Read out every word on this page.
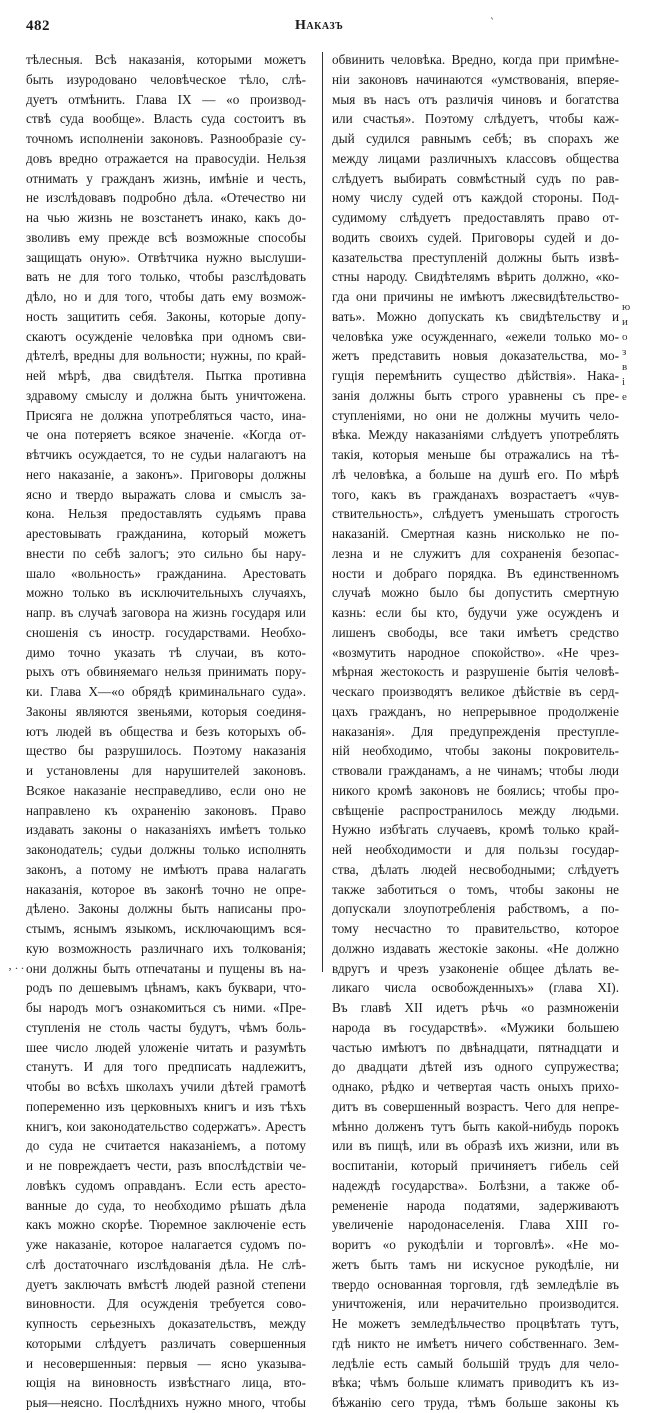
482	Наказъ	ˋ
тѣлесныя. Всѣ наказанія, которыми можетъ
быть изуродовано человѣческое тѣло, слѣ-
дуетъ отмѣнить. Глава IX — «о производ-
ствѣ суда вообще». Власть суда состоитъ въ
точномъ исполненіи законовъ. Разнообразіе су-
довъ вредно отражается на правосудіи. Нельзя
отнимать у гражданъ жизнь, имѣніе и честь,
не изслѣдовавъ подробно дѣла. «Отечество ни
на чью жизнь не возстанетъ инако, какъ до-
зволивъ ему прежде всѣ возможные способы
защищать оную». Отвѣтчика нужно выслуши-
вать не для того только, чтобы разслѣдовать
дѣло, но и для того, чтобы дать ему возмож-
ность защитить себя. Законы, которые допу-
скаютъ осужденіе человѣка при одномъ сви-
дѣтелѣ, вредны для вольности; нужны, по край-
ней мѣрѣ, два свидѣтеля. Пытка противна
здравому смыслу и должна быть уничтожена.
Присяга не должна употребляться часто, ина-
че она потеряетъ всякое значеніе. «Когда от-
вѣтчикъ осуждается, то не судьи налагаютъ на
него наказаніе, а законъ». Приговоры должны
ясно и твердо выражать слова и смыслъ за-
кона. Нельзя предоставлять судьямъ права
арестовывать гражданина, который можетъ
внести по себѣ залогъ; это сильно бы нару-
шало «вольность» гражданина. Арестовать
можно только въ исключительныхъ случаяхъ,
напр. въ случаѣ заговора на жизнь государя или
сношенія съ иностр. государствами. Необхо-
димо точно указать тѣ случаи, въ кото-
рыхъ отъ обвиняемаго нельзя принимать пору-
ки. Глава X—«о обрядѣ криминальнаго суда».
Законы являются звеньями, которыя соединя-
ютъ людей въ общества и безъ которыхъ об-
щество бы разрушилось. Поэтому наказанія
и установлены для нарушителей законовъ.
Всякое наказаніе несправедливо, если оно не
направлено къ охраненію законовъ. Право
издавать законы о наказаніяхъ имѣетъ только
законодатель; судьи должны только исполнять
законъ, а потому не имѣютъ права налагать
наказанія, которое въ законѣ точно не опре-
дѣлено. Законы должны быть написаны про-
стымъ, яснымъ языкомъ, исключающимъ вся-
кую возможность различнаго ихъ толкованія;
они должны быть отпечатаны и пущены въ на-
родъ по дешевымъ цѣнамъ, какъ буквари, что-
бы народъ могъ ознакомиться съ ними. «Пре-
ступленія не столь часты будутъ, чѣмъ боль-
шее число людей уложеніе читать и разумѣть
станутъ. И для того предписать надлежитъ,
чтобы во всѣхъ школахъ учили дѣтей грамотѣ
попеременно изъ церковныхъ книгъ и изъ тѣхъ
книгъ, кои законодательство содержатъ». Арестъ
до суда не считается наказаніемъ, а потому
и не повреждаетъ чести, разъ впослѣдствіи че-
ловѣкъ судомъ оправданъ. Если есть аресто-
ванные до суда, то необходимо рѣшать дѣла
какъ можно скорѣе. Тюремное заключеніе есть
уже наказаніе, которое налагается судомъ по-
слѣ достаточнаго изслѣдованія дѣла. Не слѣ-
дуетъ заключать вмѣстѣ людей разной степени
виновности. Для осужденія требуется сово-
купность серьезныхъ доказательствъ, между
которыми слѣдуетъ различать совершенныя
и несовершенныя: первыя — ясно указыва-
ющія на виновность извѣстнаго лица, вто-
рыя—неясно. Послѣднихъ нужно много, чтобы
обвинить человѣка. Вредно, когда при примѣне-
ніи законовъ начинаются «умствованія, вперяе-
мыя въ насъ отъ различія чиновъ и богатства
или счастья». Поэтому слѣдуетъ, чтобы каж-
дый судился равнымъ себѣ; въ спорахъ же
между лицами различныхъ классовъ общества
слѣдуетъ выбирать совмѣстный судъ по рав-
ному числу судей отъ каждой стороны. Под-
судимому слѣдуетъ предоставлять право от-
водить своихъ судей. Приговоры судей и до-
казательства преступленій должны быть извѣ-
стны народу. Свидѣтелямъ вѣрить должно, «ко-
гда они причины не имѣютъ лжесвидѣтельство-
вать». Можно допускать къ свидѣтельству и
человѣка уже осужденнаго, «ежели только мо-
жетъ представить новыя доказательства, мо-
гущія перемѣнить существо дѣйствія». Нака-
занія должны быть строго уравнены съ пре-
ступленіями, но они не должны мучить чело-
вѣка. Между наказаніями слѣдуетъ употреблять
такія, которыя меньше бы отражались на тѣ-
лѣ человѣка, а больше на душѣ его. По мѣрѣ
того, какъ въ гражданахъ возрастаетъ «чув-
ствительность», слѣдуетъ уменьшать строгость
наказаній. Смертная казнь нисколько не по-
лезна и не служитъ для сохраненія безопас-
ности и добраго порядка. Въ единственномъ
случаѣ можно было бы допустить смертную
казнь: если бы кто, будучи уже осужденъ и
лишенъ свободы, все таки имѣетъ средство
«возмутить народное спокойство». «Не чрез-
мѣрная жестокость и разрушеніе бытія человѣ-
ческаго производятъ великое дѣйствіе въ серд-
цахъ гражданъ, но непрерывное продолженіе
наказанія». Для предупрежденія преступле-
ній необходимо, чтобы законы покровитель-
ствовали гражданамъ, а не чинамъ; чтобы люди
никого кромѣ законовъ не боялись; чтобы про-
свѣщеніе распространилось между людьми.
Нужно избѣгать случаевъ, кромѣ только край-
ней необходимости и для пользы государ-
ства, дѣлать людей несвободными; слѣдуетъ
также заботиться о томъ, чтобы законы не
допускали злоупотребленія рабствомъ, а по-
тому несчастно то правительство, которое
должно издавать жестокіе законы. «Не должно
вдругъ и чрезъ узаконеніе общее дѣлать ве-
ликаго числа освобожденныхъ» (глава XI).
Въ главѣ XII идетъ рѣчь «о размноженіи
народа въ государствѣ». «Мужики большею
частью имѣютъ по двѣнадцати, пятнадцати и
до двадцати дѣтей изъ одного супружества;
однако, рѣдко и четвертая часть оныхъ прихо-
дитъ въ совершенный возрастъ. Чего для непре-
мѣнно долженъ тутъ быть какой-нибудь порокъ
или въ пищѣ, или въ образѣ ихъ жизни, или въ
воспитаніи, который причиняетъ гибель сей
надеждѣ государства». Болѣзни, а также об-
ремененіе народа податями, задерживаютъ
увеличеніе народонаселенія. Глава XIII го-
воритъ «о рукодѣліи и торговлѣ». «Не мо-
жетъ быть тамъ ни искусное рукодѣліе, ни
твердо основанная торговля, гдѣ земледѣліе въ
уничтоженія, или нерачительно производится.
Не можетъ земледѣльчество процвѣтать тутъ,
гдѣ никто не имѣетъ ничего собственнаго. Зем-
ледѣліе есть самый большій трудъ для чело-
вѣка; чѣмъ больше климатъ приводитъ къ из-
бѣжанію сего труда, тѣмъ больше законы къ
ю
и
о
з
в
і
е
‚ . .
